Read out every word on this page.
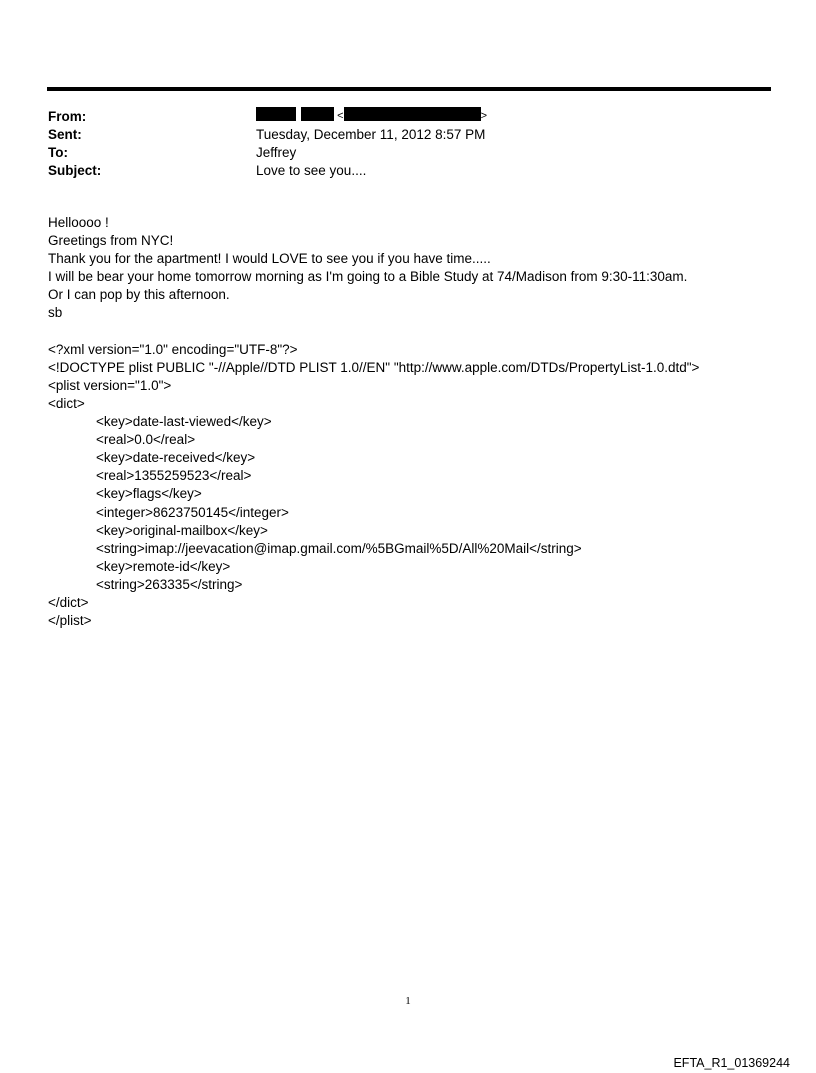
From:	<	>
Sent:	Tuesday, December 11, 2012 8:57 PM
To:	Jeffrey
Subject:	Love to see you....
Helloooo !
Greetings from NYC!
Thank you for the apartment! I would LOVE to see you if you have time.....
I will be bear your home tomorrow morning as I'm going to a Bible Study at 74/Madison from 9:30-11:30am.
Or I can pop by this afternoon.
sb
<?xml version="1.0" encoding="UTF-8"?>
<!DOCTYPE plist PUBLIC "-//Apple//DTD PLIST 1.0//EN" "http://www.apple.com/DTDs/PropertyList-1.0.dtd">
<plist version="1.0">
<dict>
<key>date-last-viewed</key>
<real>0.0</real>
<key>date-received</key>
<real>1355259523</real>
<key>flags</key>
<integer>8623750145</integer>
<key>original-mailbox</key>
<string>imap://jeevacation@imap.gmail.com/%5BGmail%5D/All%20Mail</string>
<key>remote-id</key>
<string>263335</string>
</dict>
</plist>
1
EFTA_R1_01369244
